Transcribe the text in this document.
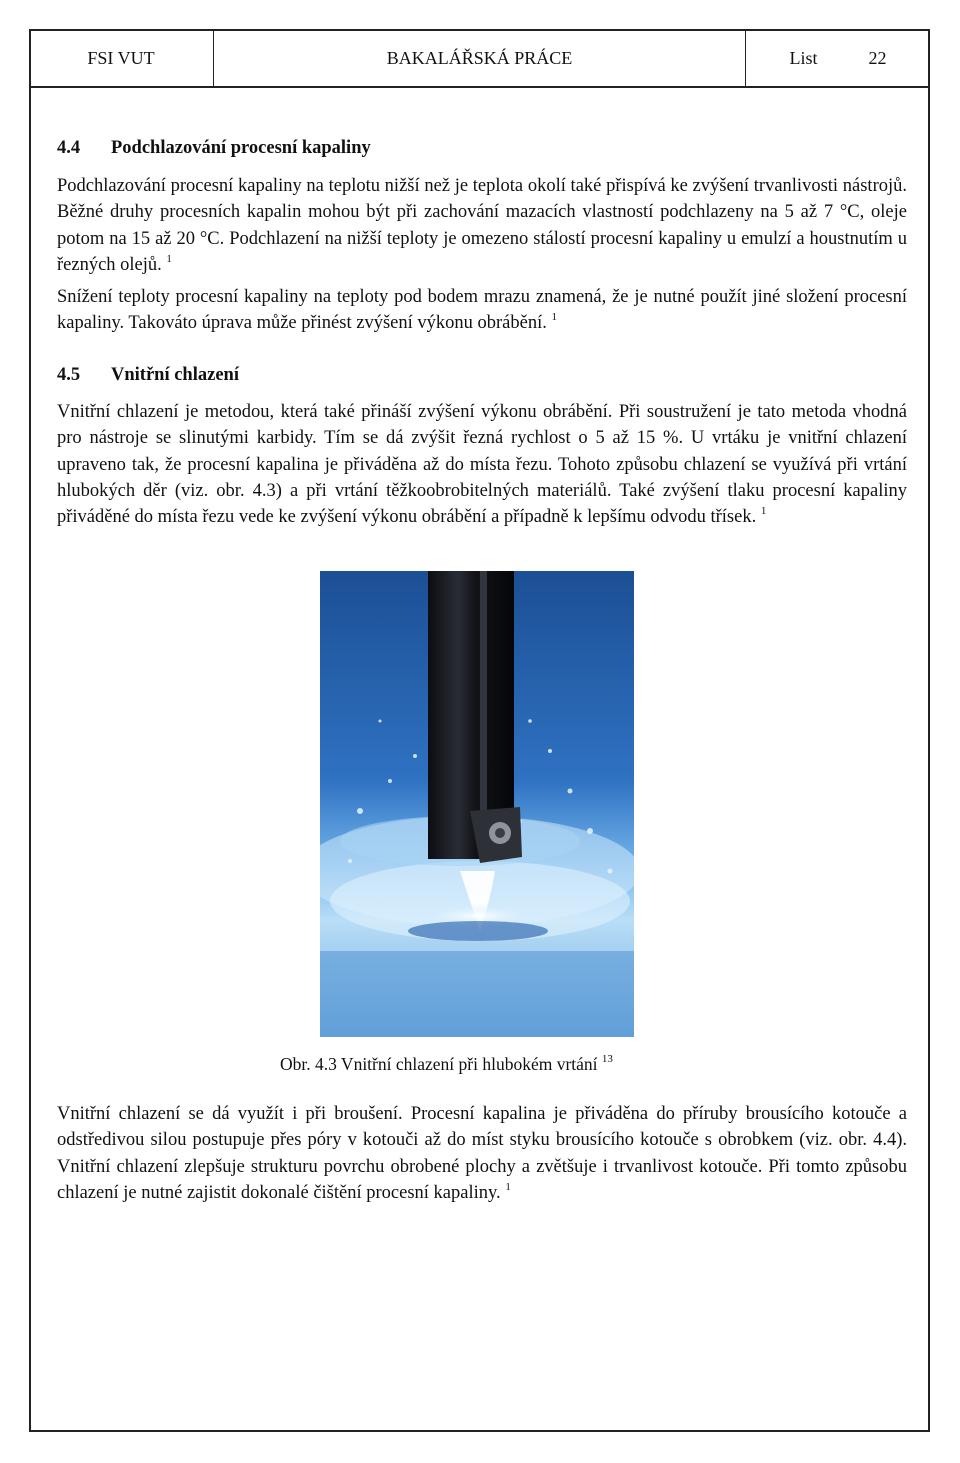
FSI VUT	BAKALÁŘSKÁ PRÁCE	List	22
4.4 Podchlazování procesní kapaliny

Podchlazování procesní kapaliny na teplotu nižší než je teplota okolí také přispívá ke zvýšení trvanlivosti nástrojů. Běžné druhy procesních kapalin mohou být při zachování mazacích vlastností podchlazeny na 5 až 7 °C, oleje potom na 15 až 20 °C. Podchlazení na nižší teploty je omezeno stálostí procesní kapaliny u emulzí a houstnutím u řezných olejů. $^1$

Snížení teploty procesní kapaliny na teploty pod bodem mrazu znamená, že je nutné použít jiné složení procesní kapaliny. Takováto úprava může přinést zvýšení výkonu obrábění. $^1$

4.5 Vnitřní chlazení

Vnitřní chlazení je metodou, která také přináší zvýšení výkonu obrábění. Při soustružení je tato metoda vhodná pro nástroje se slinutými karbidy. Tím se dá zvýšit řezná rychlost o 5 až 15 %. U vrtáku je vnitřní chlazení upraveno tak, že procesní kapalina je přiváděna až do místa řezu. Tohoto způsobu chlazení se využívá při vrtání hlubokých děr (viz. obr. 4.3) a při vrtání těžkoobrobitelných materiálů. Také zvýšení tlaku procesní kapaliny přiváděné do místa řezu vede ke zvýšení výkonu obrábění a případně k lepšímu odvodu třísek. $^1$

Obr. 4.3 Vnitřní chlazení při hlubokém vrtání $^{13}$

Vnitřní chlazení se dá využít i při broušení. Procesní kapalina je přiváděna do příruby brousícího kotouče a odstředivou silou postupuje přes póry v kotouči až do míst styku brousícího kotouče s obrobkem (viz. obr. 4.4). Vnitřní chlazení zlepšuje strukturu povrchu obrobené plochy a zvětšuje i trvanlivost kotouče. Při tomto způsobu chlazení je nutné zajistit dokonalé čištění procesní kapaliny. $^1$
